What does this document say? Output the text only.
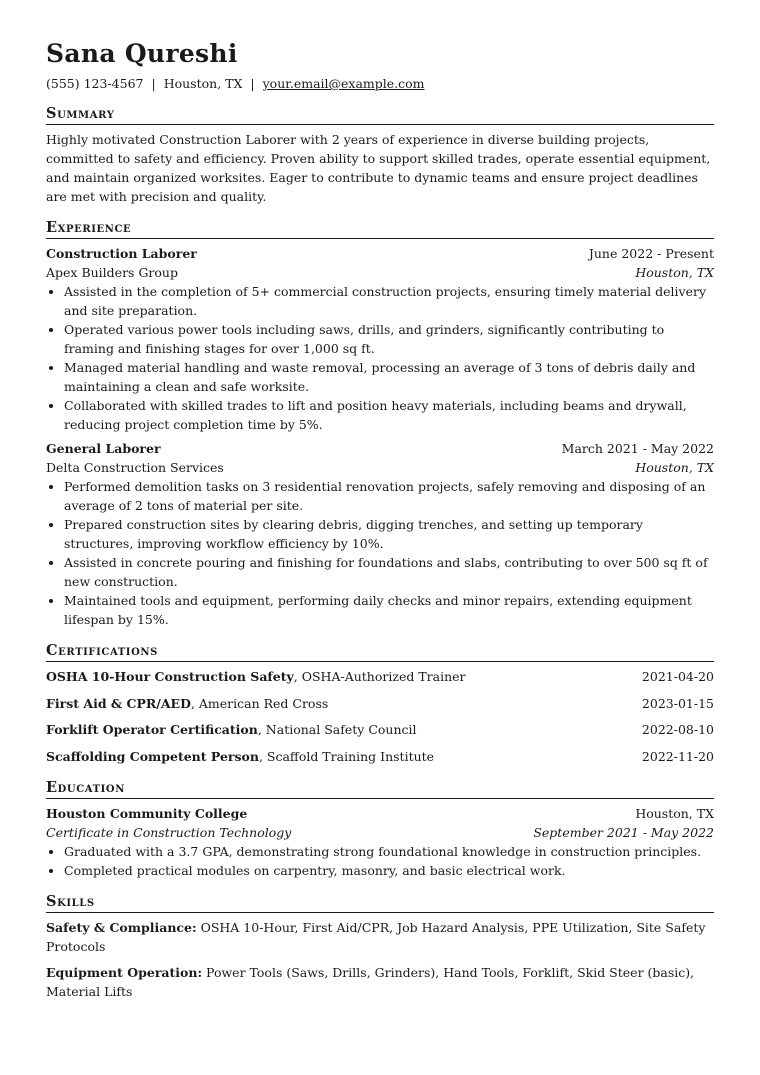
Sana Qureshi
(555) 123-4567 | Houston, TX | your.email@example.com
Summary

Highly motivated Construction Laborer with 2 years of experience in diverse building projects, committed to safety and efficiency. Proven ability to support skilled trades, operate essential equipment, and maintain organized worksites. Eager to contribute to dynamic teams and ensure project deadlines are met with precision and quality.

Experience
Construction Laborer	June 2022 - Present
Apex Builders Group	Houston, TX
• Assisted in the completion of 5+ commercial construction projects, ensuring timely material delivery and site preparation.
• Operated various power tools including saws, drills, and grinders, significantly contributing to framing and finishing stages for over 1,000 sq ft.
• Managed material handling and waste removal, processing an average of 3 tons of debris daily and maintaining a clean and safe worksite.
• Collaborated with skilled trades to lift and position heavy materials, including beams and drywall, reducing project completion time by 5%.
General Laborer	March 2021 - May 2022
Delta Construction Services	Houston, TX
• Performed demolition tasks on 3 residential renovation projects, safely removing and disposing of an average of 2 tons of material per site.
• Prepared construction sites by clearing debris, digging trenches, and setting up temporary structures, improving workflow efficiency by 10%.
• Assisted in concrete pouring and finishing for foundations and slabs, contributing to over 500 sq ft of new construction.
• Maintained tools and equipment, performing daily checks and minor repairs, extending equipment lifespan by 15%.
Certifications
OSHA 10-Hour Construction Safety, OSHA-Authorized Trainer	2021-04-20
First Aid & CPR/AED, American Red Cross	2023-01-15
Forklift Operator Certification, National Safety Council	2022-08-10
Scaffolding Competent Person, Scaffold Training Institute	2022-11-20
Education
Houston Community College	Houston, TX
Certificate in Construction Technology	September 2021 - May 2022
• Graduated with a 3.7 GPA, demonstrating strong foundational knowledge in construction principles.
• Completed practical modules on carpentry, masonry, and basic electrical work.
Skills
Safety & Compliance: OSHA 10-Hour, First Aid/CPR, Job Hazard Analysis, PPE Utilization, Site Safety Protocols
Equipment Operation: Power Tools (Saws, Drills, Grinders), Hand Tools, Forklift, Skid Steer (basic), Material Lifts
